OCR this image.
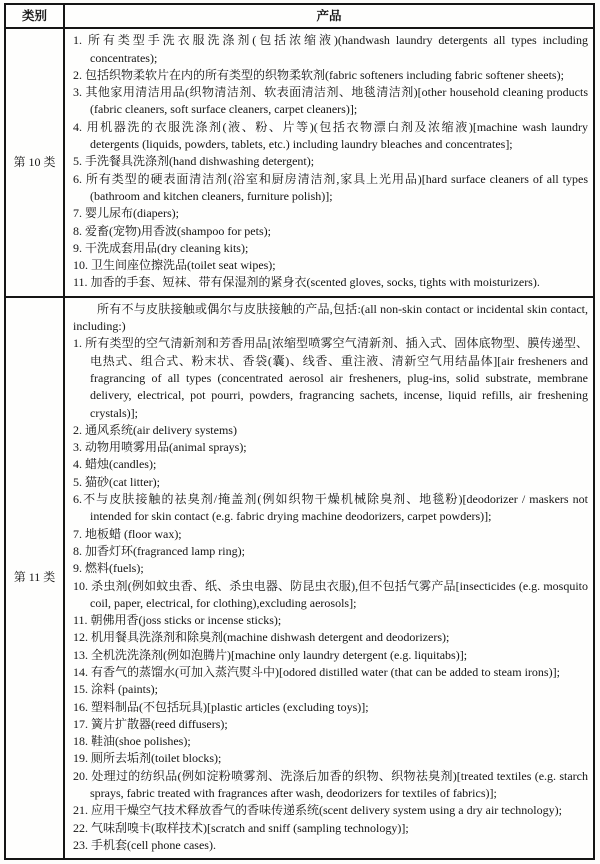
类别	产品
第 10 类
1. 所有类型手洗衣服洗涤剂(包括浓缩液)(handwash laundry detergents all types including concentrates);
2. 包括织物柔软片在内的所有类型的织物柔软剂(fabric softeners including fabric softener sheets);
3. 其他家用清洁用品(织物清洁剂、软表面清洁剂、地毯清洁剂)[other household cleaning products (fabric cleaners, soft surface cleaners, carpet cleaners)];
4. 用机器洗的衣服洗涤剂(液、粉、片等)(包括衣物漂白剂及浓缩液)[machine wash laundry detergents (liquids, powders, tablets, etc.) including laundry bleaches and concentrates];
5. 手洗餐具洗涤剂(hand dishwashing detergent);
6. 所有类型的硬表面清洁剂(浴室和厨房清洁剂,家具上光用品)[hard surface cleaners of all types (bathroom and kitchen cleaners, furniture polish)];
7. 婴儿尿布(diapers);
8. 爱畜(宠物)用香波(shampoo for pets);
9. 干洗成套用品(dry cleaning kits);
10. 卫生间座位擦洗品(toilet seat wipes);
11. 加香的手套、短袜、带有保湿剂的紧身衣(scented gloves, socks, tights with moisturizers).
第 11 类
所有不与皮肤接触或偶尔与皮肤接触的产品,包括:(all non-skin contact or incidental skin contact, including:)
1. 所有类型的空气清新剂和芳香用品[浓缩型喷雾空气清新剂、插入式、固体底物型、膜传递型、电热式、组合式、粉末状、香袋(囊)、线香、重注液、清新空气用结晶体][air fresheners and fragrancing of all types (concentrated aerosol air fresheners, plug-ins, solid substrate, membrane delivery, electrical, pot pourri, powders, fragrancing sachets, incense, liquid refills, air freshening crystals)];
2. 通风系统(air delivery systems)
3. 动物用喷雾用品(animal sprays);
4. 蜡烛(candles);
5. 猫砂(cat litter);
6.不与皮肤接触的祛臭剂/掩盖剂(例如织物干燥机械除臭剂、地毯粉)[deodorizer / maskers not intended for skin contact (e.g. fabric drying machine deodorizers, carpet powders)];
7. 地板蜡 (floor wax);
8. 加香灯环(fragranced lamp ring);
9. 燃料(fuels);
10. 杀虫剂(例如蚊虫香、纸、杀虫电器、防昆虫衣服),但不包括气雾产品[insecticides (e.g. mosquito coil, paper, electrical, for clothing),excluding aerosols];
11. 朝佛用香(joss sticks or incense sticks);
12. 机用餐具洗涤剂和除臭剂(machine dishwash detergent and deodorizers);
13. 全机洗洗涤剂(例如泡腾片)[machine only laundry detergent (e.g. liquitabs)];
14. 有香气的蒸馏水(可加入蒸汽熨斗中)[odored distilled water (that can be added to steam irons)];
15. 涂料 (paints);
16. 塑料制品(不包括玩具)[plastic articles (excluding toys)];
17. 簧片扩散器(reed diffusers);
18. 鞋油(shoe polishes);
19. 厕所去垢剂(toilet blocks);
20. 处理过的纺织品(例如淀粉喷雾剂、洗涤后加香的织物、织物祛臭剂)[treated textiles (e.g. starch sprays, fabric treated with fragrances after wash, deodorizers for textiles of fabrics)];
21. 应用干燥空气技术释放香气的香味传递系统(scent delivery system using a dry air technology);
22. 气味刮嗅卡(取样技术)[scratch and sniff (sampling technology)];
23. 手机套(cell phone cases).
